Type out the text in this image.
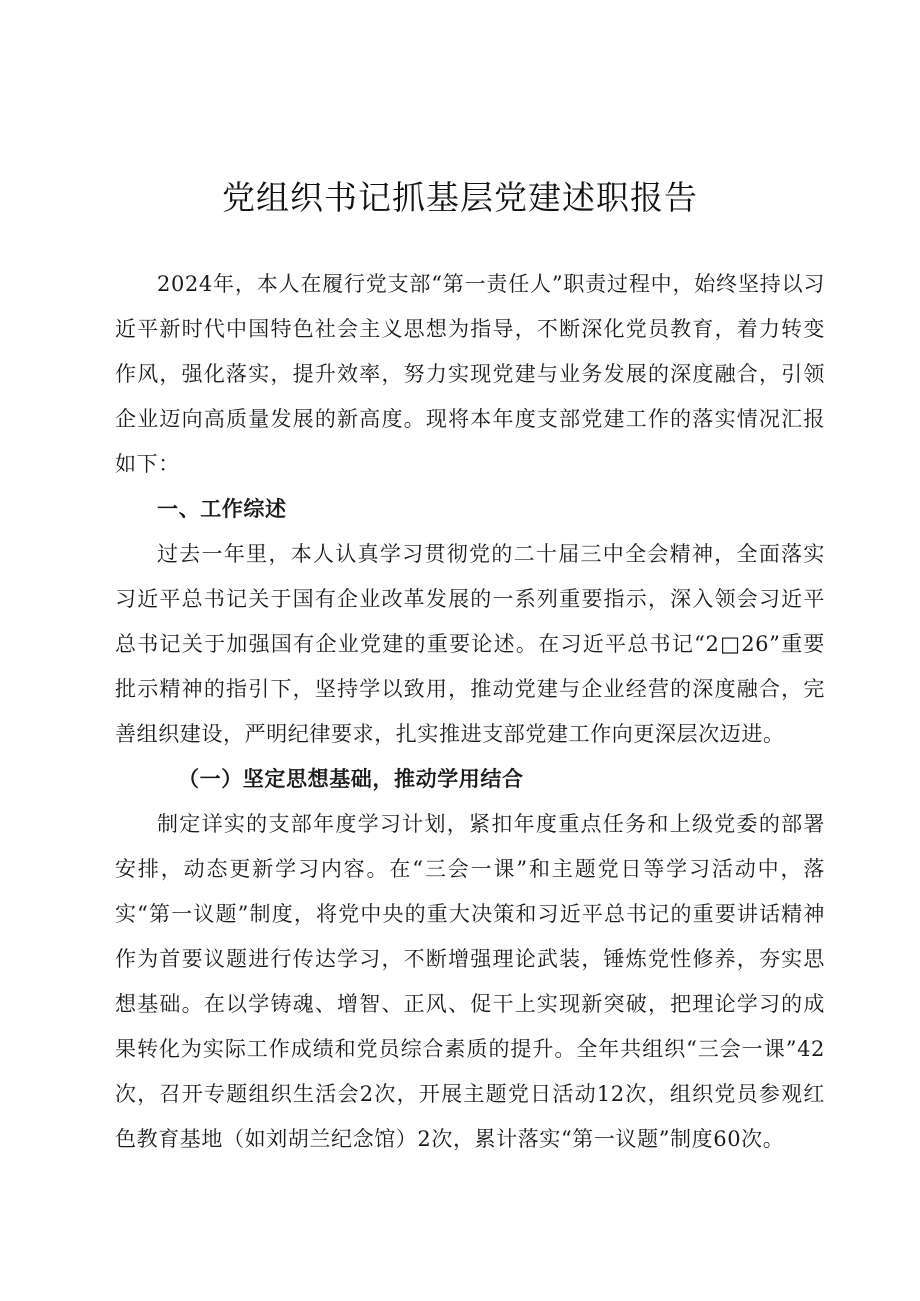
党组织书记抓基层党建述职报告

2024年，本人在履行党支部“第一责任人”职责过程中，始终坚持以习近平新时代中国特色社会主义思想为指导，不断深化党员教育，着力转变作风，强化落实，提升效率，努力实现党建与业务发展的深度融合，引领企业迈向高质量发展的新高度。现将本年度支部党建工作的落实情况汇报如下：

一、工作综述

过去一年里，本人认真学习贯彻党的二十届三中全会精神，全面落实习近平总书记关于国有企业改革发展的一系列重要指示，深入领会习近平总书记关于加强国有企业党建的重要论述。在习近平总书记“2□26”重要批示精神的指引下，坚持学以致用，推动党建与企业经营的深度融合，完善组织建设，严明纪律要求，扎实推进支部党建工作向更深层次迈进。

（一）坚定思想基础，推动学用结合

制定详实的支部年度学习计划，紧扣年度重点任务和上级党委的部署安排，动态更新学习内容。在“三会一课”和主题党日等学习活动中，落实“第一议题”制度，将党中央的重大决策和习近平总书记的重要讲话精神作为首要议题进行传达学习，不断增强理论武装，锤炼党性修养，夯实思想基础。在以学铸魂、增智、正风、促干上实现新突破，把理论学习的成果转化为实际工作成绩和党员综合素质的提升。全年共组织“三会一课”42次，召开专题组织生活会2次，开展主题党日活动12次，组织党员参观红色教育基地（如刘胡兰纪念馆）2次，累计落实“第一议题”制度60次。
